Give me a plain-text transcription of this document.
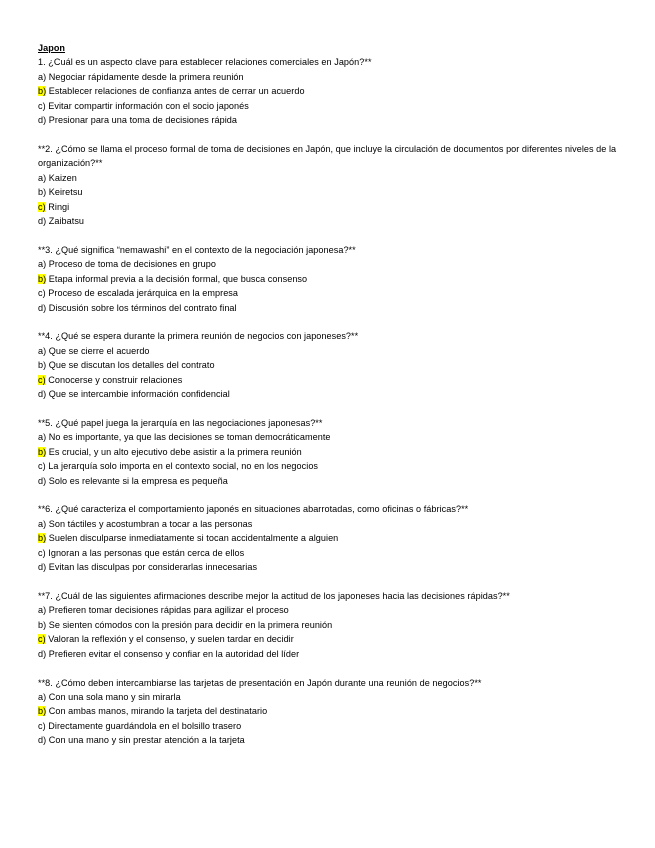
Japon
1. ¿Cuál es un aspecto clave para establecer relaciones comerciales en Japón?**
a) Negociar rápidamente desde la primera reunión
b) Establecer relaciones de confianza antes de cerrar un acuerdo
c) Evitar compartir información con el socio japonés
d) Presionar para una toma de decisiones rápida
**2. ¿Cómo se llama el proceso formal de toma de decisiones en Japón, que incluye la circulación de documentos por diferentes niveles de la organización?**
a) Kaizen
b) Keiretsu
c) Ringi
d) Zaibatsu
**3. ¿Qué significa “nemawashi” en el contexto de la negociación japonesa?**
a) Proceso de toma de decisiones en grupo
b) Etapa informal previa a la decisión formal, que busca consenso
c) Proceso de escalada jerárquica en la empresa
d) Discusión sobre los términos del contrato final
**4. ¿Qué se espera durante la primera reunión de negocios con japoneses?**
a) Que se cierre el acuerdo
b) Que se discutan los detalles del contrato
c) Conocerse y construir relaciones
d) Que se intercambie información confidencial
**5. ¿Qué papel juega la jerarquía en las negociaciones japonesas?**
a) No es importante, ya que las decisiones se toman democráticamente
b) Es crucial, y un alto ejecutivo debe asistir a la primera reunión
c) La jerarquía solo importa en el contexto social, no en los negocios
d) Solo es relevante si la empresa es pequeña
**6. ¿Qué caracteriza el comportamiento japonés en situaciones abarrotadas, como oficinas o fábricas?**
a) Son táctiles y acostumbran a tocar a las personas
b) Suelen disculparse inmediatamente si tocan accidentalmente a alguien
c) Ignoran a las personas que están cerca de ellos
d) Evitan las disculpas por considerarlas innecesarias
**7. ¿Cuál de las siguientes afirmaciones describe mejor la actitud de los japoneses hacia las decisiones rápidas?**
a) Prefieren tomar decisiones rápidas para agilizar el proceso
b) Se sienten cómodos con la presión para decidir en la primera reunión
c) Valoran la reflexión y el consenso, y suelen tardar en decidir
d) Prefieren evitar el consenso y confiar en la autoridad del líder
**8. ¿Cómo deben intercambiarse las tarjetas de presentación en Japón durante una reunión de negocios?**
a) Con una sola mano y sin mirarla
b) Con ambas manos, mirando la tarjeta del destinatario
c) Directamente guardándola en el bolsillo trasero
d) Con una mano y sin prestar atención a la tarjeta
